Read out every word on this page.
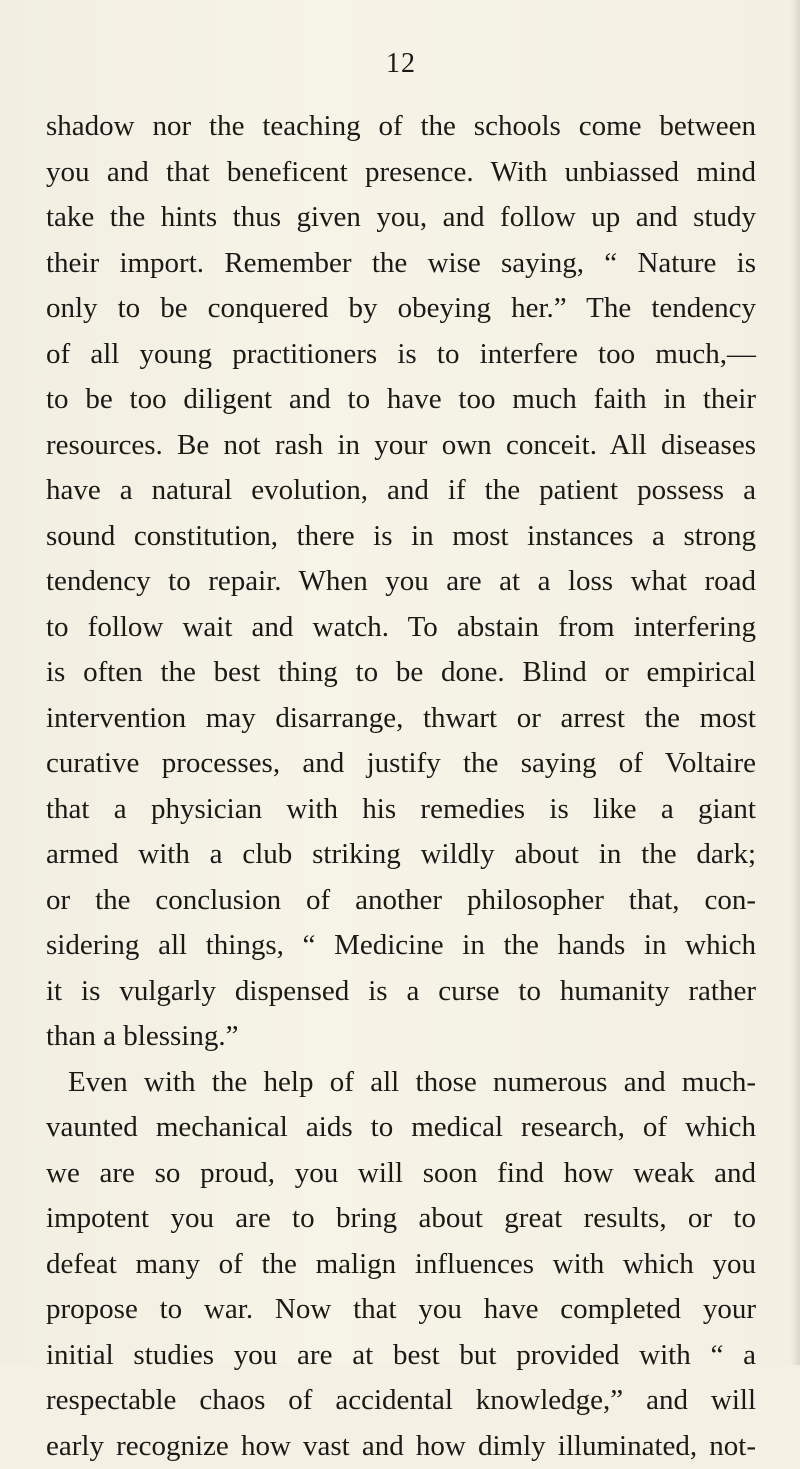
12
shadow nor the teaching of the schools come between
you and that beneficent presence. With unbiassed mind
take the hints thus given you, and follow up and study
their import. Remember the wise saying, “ Nature is
only to be conquered by obeying her.” The tendency
of all young practitioners is to interfere too much,—
to be too diligent and to have too much faith in their
resources. Be not rash in your own conceit. All diseases
have a natural evolution, and if the patient possess a
sound constitution, there is in most instances a strong
tendency to repair. When you are at a loss what road
to follow wait and watch. To abstain from interfering
is often the best thing to be done. Blind or empirical
intervention may disarrange, thwart or arrest the most
curative processes, and justify the saying of Voltaire
that a physician with his remedies is like a giant
armed with a club striking wildly about in the dark;
or the conclusion of another philosopher that, con-
sidering all things, “ Medicine in the hands in which
it is vulgarly dispensed is a curse to humanity rather
than a blessing.”
Even with the help of all those numerous and much-
vaunted mechanical aids to medical research, of which
we are so proud, you will soon find how weak and
impotent you are to bring about great results, or to
defeat many of the malign influences with which you
propose to war. Now that you have completed your
initial studies you are at best but provided with “ a
respectable chaos of accidental knowledge,” and will
early recognize how vast and how dimly illuminated, not-
